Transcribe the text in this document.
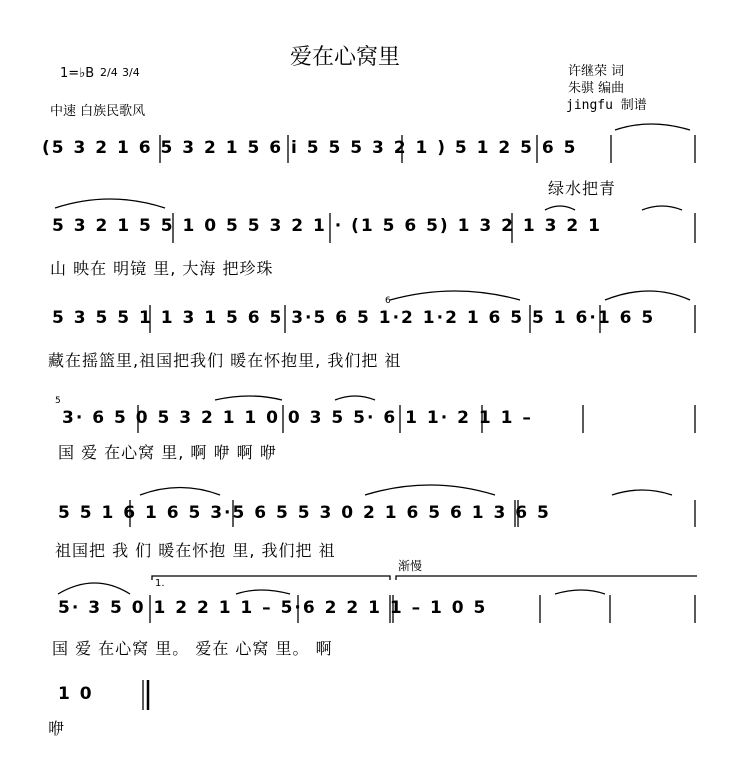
爱在心窝里
1=♭B 2/4 3/4
中速 白族民歌风
许继荣 词
朱骐 编曲
jingfu 制谱
(5 3 2 1 6 5 3 2 1 5 6 i 5 5 5 3 2 1 ) 5 1 2 5 6 5
绿水把青
5 3 2 1 5 5 1 0 5 5 3 2 1 · (1 5 6 5) 1 3 2 1 3 2 1
山 映在 明镜 里, 大海 把珍珠
5 3 5 5 1 1 3 1 5 6 5 3·5 6 5 1·2 1·2 1 6 5 5 1 6·1 6 5
藏在摇篮里,祖国把我们 暖在怀抱里, 我们把 祖
3· 6 5 0 5 3 2 1 1 0 0 3 5 5· 6 1 1· 2 1 1 –
国 爱 在心窝 里, 啊 咿 啊 咿
5 5 1 6 1 6 5 3·5 6 5 5 3 0 2 1 6 5 6 1 3 6 5
祖国把 我 们 暖在怀抱 里, 我们把 祖
5· 3 5 0 1 2 2 1 1 – 5·6 2 2 1 1 – 1 0 5
国 爱 在心窝 里。 爱在 心窝 里。 啊
1 0
咿
渐慢
1.
5
6
